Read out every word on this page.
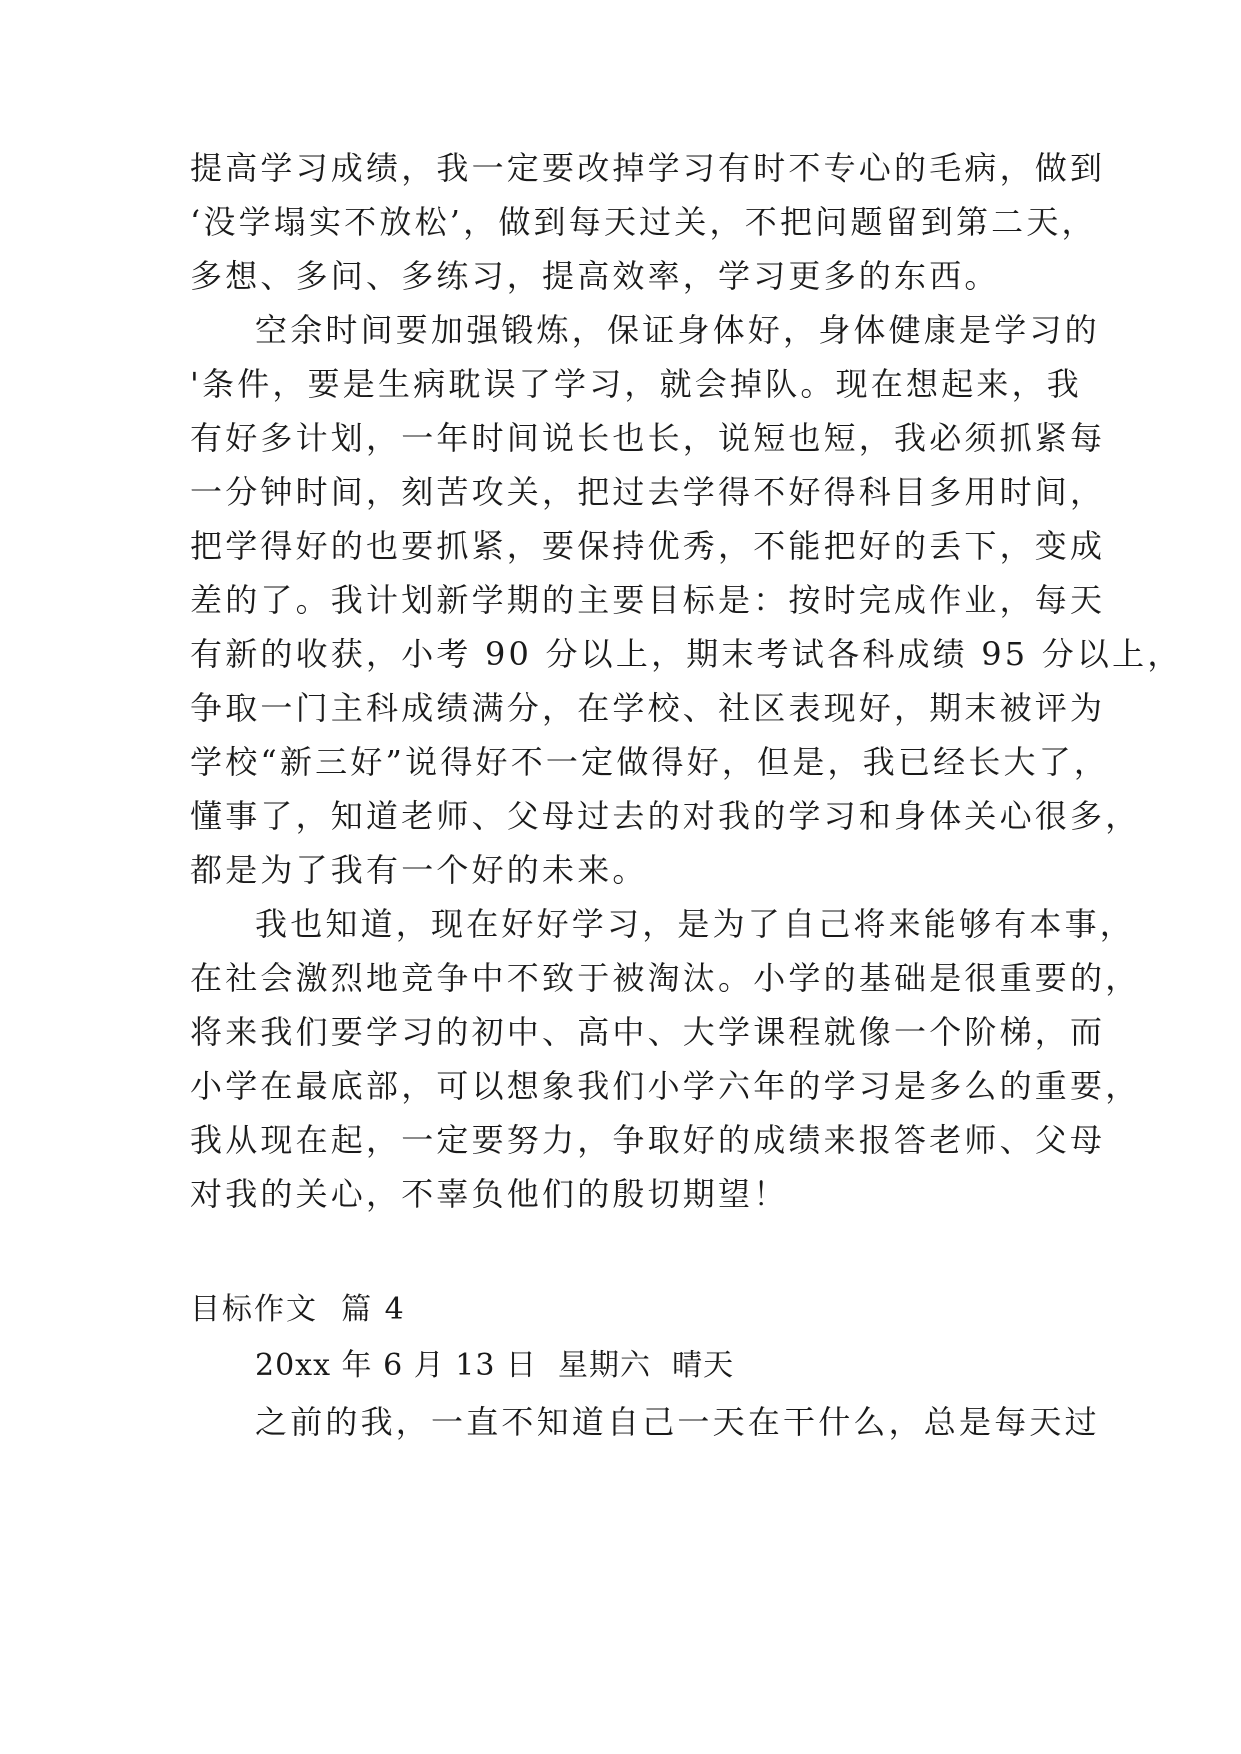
提高学习成绩，我一定要改掉学习有时不专心的毛病，做到
‘没学塌实不放松’，做到每天过关，不把问题留到第二天，
多想、多问、多练习，提高效率，学习更多的东西。
空余时间要加强锻炼，保证身体好，身体健康是学习的
'条件，要是生病耽误了学习，就会掉队。现在想起来，我
有好多计划，一年时间说长也长，说短也短，我必须抓紧每
一分钟时间，刻苦攻关，把过去学得不好得科目多用时间，
把学得好的也要抓紧，要保持优秀，不能把好的丢下，变成
差的了。我计划新学期的主要目标是：按时完成作业，每天
有新的收获，小考 90 分以上，期末考试各科成绩 95 分以上，
争取一门主科成绩满分，在学校、社区表现好，期末被评为
学校“新三好”说得好不一定做得好，但是，我已经长大了，
懂事了，知道老师、父母过去的对我的学习和身体关心很多，
都是为了我有一个好的未来。
我也知道，现在好好学习，是为了自己将来能够有本事，
在社会激烈地竞争中不致于被淘汰。小学的基础是很重要的，
将来我们要学习的初中、高中、大学课程就像一个阶梯，而
小学在最底部，可以想象我们小学六年的学习是多么的重要，
我从现在起，一定要努力，争取好的成绩来报答老师、父母
对我的关心，不辜负他们的殷切期望！
目标作文  篇 4
20xx 年 6 月 13 日  星期六  晴天
之前的我，一直不知道自己一天在干什么，总是每天过
